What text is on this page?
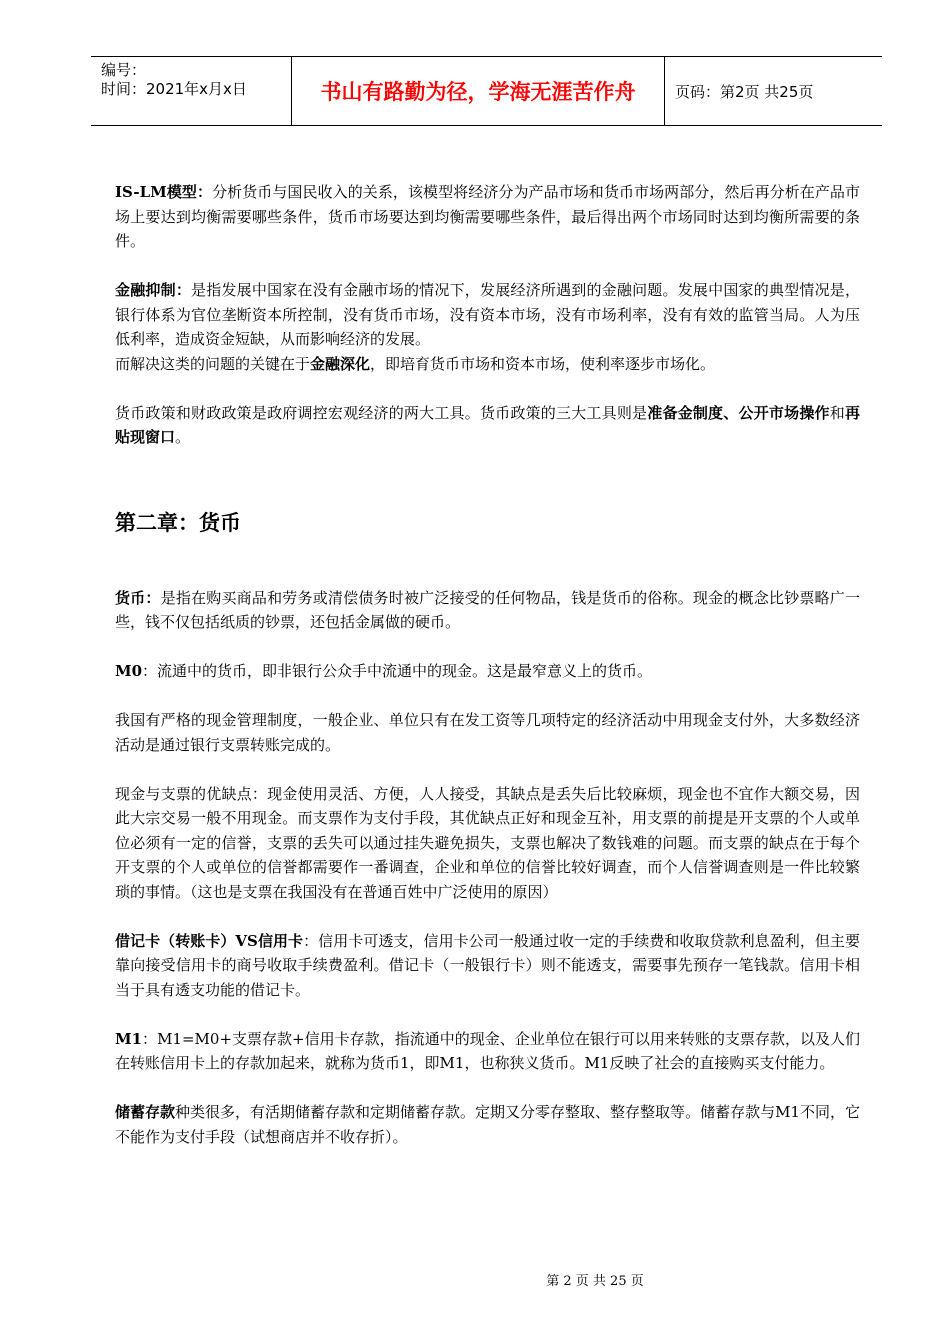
编号：
时间：2021年x月x日	书山有路勤为径，学海无涯苦作舟	页码：第2页 共25页

IS-LM模型：分析货币与国民收入的关系，该模型将经济分为产品市场和货币市场两部分，然后再分析在产品市场上要达到均衡需要哪些条件，货币市场要达到均衡需要哪些条件，最后得出两个市场同时达到均衡所需要的条件。

金融抑制：是指发展中国家在没有金融市场的情况下，发展经济所遇到的金融问题。发展中国家的典型情况是，银行体系为官位垄断资本所控制，没有货币市场，没有资本市场，没有市场利率，没有有效的监管当局。人为压低利率，造成资金短缺，从而影响经济的发展。

而解决这类的问题的关键在于金融深化，即培育货币市场和资本市场，使利率逐步市场化。

货币政策和财政政策是政府调控宏观经济的两大工具。货币政策的三大工具则是准备金制度、公开市场操作和再贴现窗口。

第二章：货币

货币：是指在购买商品和劳务或清偿债务时被广泛接受的任何物品，钱是货币的俗称。现金的概念比钞票略广一些，钱不仅包括纸质的钞票，还包括金属做的硬币。

M0：流通中的货币，即非银行公众手中流通中的现金。这是最窄意义上的货币。

我国有严格的现金管理制度，一般企业、单位只有在发工资等几项特定的经济活动中用现金支付外，大多数经济活动是通过银行支票转账完成的。

现金与支票的优缺点：现金使用灵活、方便，人人接受，其缺点是丢失后比较麻烦，现金也不宜作大额交易，因此大宗交易一般不用现金。而支票作为支付手段，其优缺点正好和现金互补，用支票的前提是开支票的个人或单位必须有一定的信誉，支票的丢失可以通过挂失避免损失，支票也解决了数钱难的问题。而支票的缺点在于每个开支票的个人或单位的信誉都需要作一番调查，企业和单位的信誉比较好调查，而个人信誉调查则是一件比较繁琐的事情。（这也是支票在我国没有在普通百姓中广泛使用的原因）

借记卡（转账卡）VS信用卡：信用卡可透支，信用卡公司一般通过收一定的手续费和收取贷款利息盈利，但主要靠向接受信用卡的商号收取手续费盈利。借记卡（一般银行卡）则不能透支，需要事先预存一笔钱款。信用卡相当于具有透支功能的借记卡。

M1：M1=M0+支票存款+信用卡存款，指流通中的现金、企业单位在银行可以用来转账的支票存款，以及人们在转账信用卡上的存款加起来，就称为货币1，即M1，也称狭义货币。M1反映了社会的直接购买支付能力。

储蓄存款种类很多，有活期储蓄存款和定期储蓄存款。定期又分零存整取、整存整取等。储蓄存款与M1不同，它不能作为支付手段（试想商店并不收存折）。

第 2 页 共 25 页
